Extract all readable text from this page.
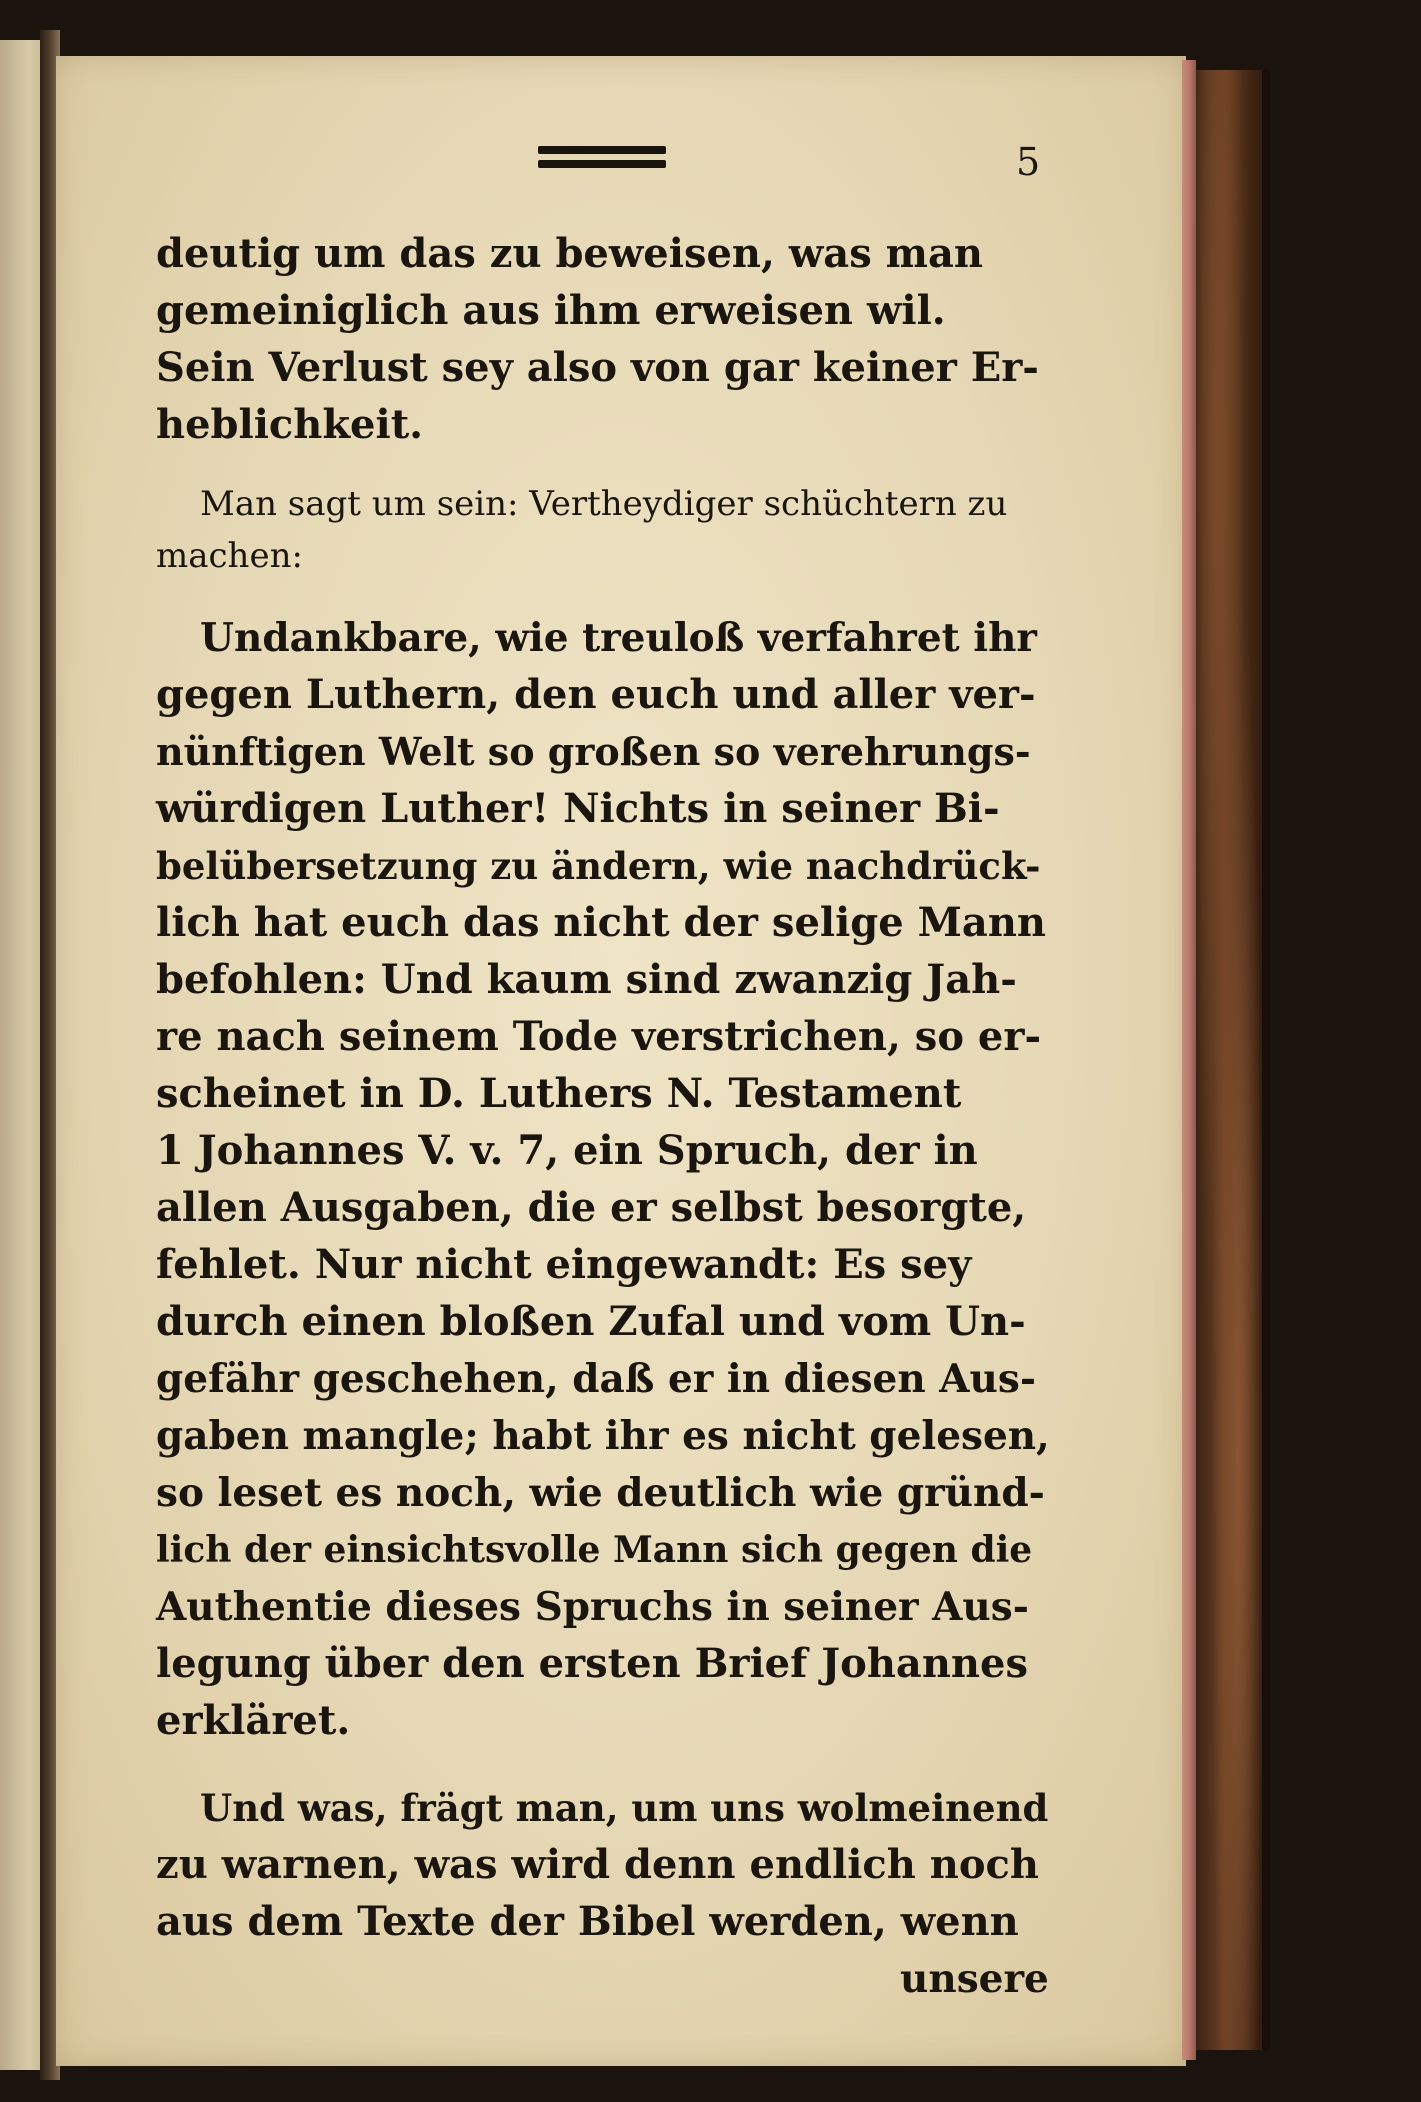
5
deutig um das zu beweisen, was man
gemeiniglich aus ihm erweisen wil.
Sein Verlust sey also von gar keiner Er-
heblichkeit.
Man sagt um sein: Vertheydiger schüchtern zu
machen:
Undankbare, wie treuloß verfahret ihr
gegen Luthern, den euch und aller ver-
nünftigen Welt so großen so verehrungs-
würdigen Luther! Nichts in seiner Bi-
belübersetzung zu ändern, wie nachdrück-
lich hat euch das nicht der selige Mann
befohlen: Und kaum sind zwanzig Jah-
re nach seinem Tode verstrichen, so er-
scheinet in D. Luthers N. Testament
1 Johannes V. v. 7, ein Spruch, der in
allen Ausgaben, die er selbst besorgte,
fehlet. Nur nicht eingewandt: Es sey
durch einen bloßen Zufal und vom Un-
gefähr geschehen, daß er in diesen Aus-
gaben mangle; habt ihr es nicht gelesen,
so leset es noch, wie deutlich wie gründ-
lich der einsichtsvolle Mann sich gegen die
Authentie dieses Spruchs in seiner Aus-
legung über den ersten Brief Johannes
erkläret.
Und was, frägt man, um uns wolmeinend
zu warnen, was wird denn endlich noch
aus dem Texte der Bibel werden, wenn
unsere
